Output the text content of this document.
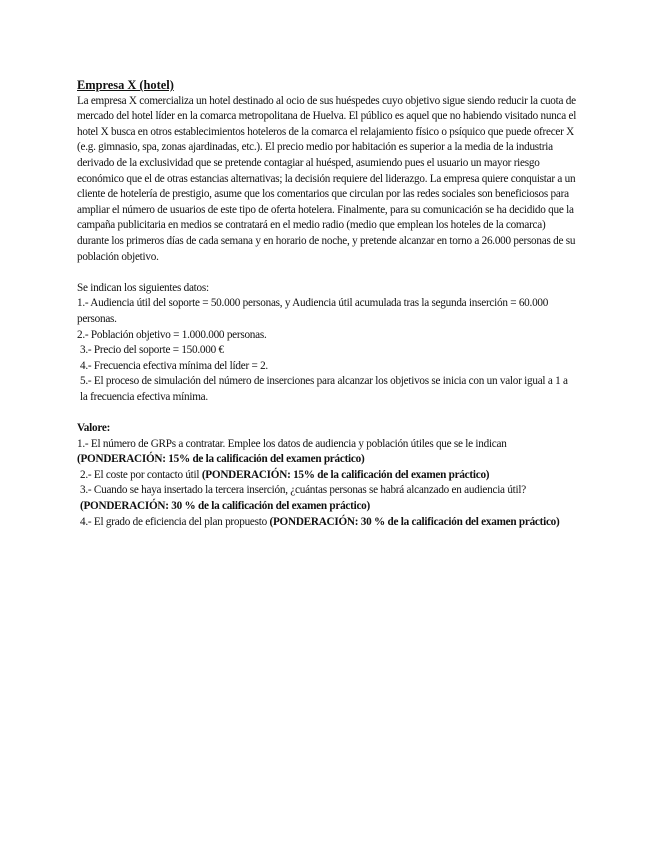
Empresa X (hotel)

La empresa X comercializa un hotel destinado al ocio de sus huéspedes cuyo objetivo sigue siendo reducir la cuota de mercado del hotel líder en la comarca metropolitana de Huelva. El público es aquel que no habiendo visitado nunca el hotel X busca en otros establecimientos hoteleros de la comarca el relajamiento físico o psíquico que puede ofrecer X (e.g. gimnasio, spa, zonas ajardinadas, etc.). El precio medio por habitación es superior a la media de la industria derivado de la exclusividad que se pretende contagiar al huésped, asumiendo pues el usuario un mayor riesgo económico que el de otras estancias alternativas; la decisión requiere del liderazgo. La empresa quiere conquistar a un cliente de hotelería de prestigio, asume que los comentarios que circulan por las redes sociales son beneficiosos para ampliar el número de usuarios de este tipo de oferta hotelera. Finalmente, para su comunicación se ha decidido que la campaña publicitaria en medios se contratará en el medio radio (medio que emplean los hoteles de la comarca) durante los primeros días de cada semana y en horario de noche, y pretende alcanzar en torno a 26.000 personas de su población objetivo.

Se indican los siguientes datos:

1.- Audiencia útil del soporte = 50.000 personas, y Audiencia útil acumulada tras la segunda inserción = 60.000 personas.

2.- Población objetivo = 1.000.000 personas.

3.- Precio del soporte = 150.000 €

4.- Frecuencia efectiva mínima del líder = 2.

5.- El proceso de simulación del número de inserciones para alcanzar los objetivos se inicia con un valor igual a 1 a la frecuencia efectiva mínima.

Valore:

1.- El número de GRPs a contratar. Emplee los datos de audiencia y población útiles que se le indican (PONDERACIÓN: 15% de la calificación del examen práctico)

2.- El coste por contacto útil (PONDERACIÓN: 15% de la calificación del examen práctico)

3.- Cuando se haya insertado la tercera inserción, ¿cuántas personas se habrá alcanzado en audiencia útil? (PONDERACIÓN: 30 % de la calificación del examen práctico)

4.- El grado de eficiencia del plan propuesto (PONDERACIÓN: 30 % de la calificación del examen práctico)
